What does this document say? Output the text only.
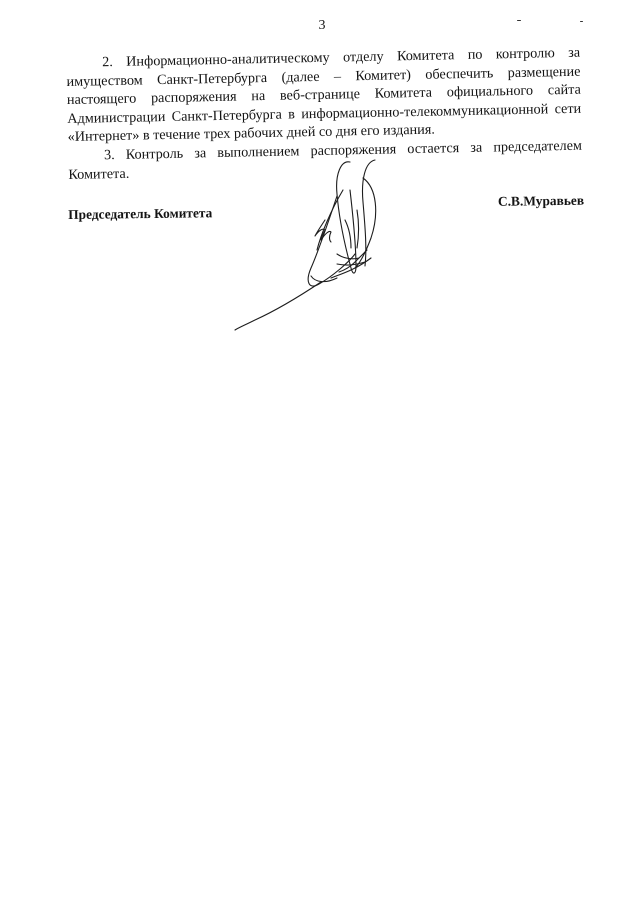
3

2. Информационно-аналитическому отделу Комитета по контролю за имуществом Санкт-Петербурга (далее – Комитет) обеспечить размещение настоящего распоряжения на веб-странице Комитета официального сайта Администрации Санкт-Петербурга в информационно-телекоммуникационной сети «Интернет» в течение трех рабочих дней со дня его издания.

3. Контроль за выполнением распоряжения остается за председателем Комитета.

Председатель Комитета
С.В.Муравьев
